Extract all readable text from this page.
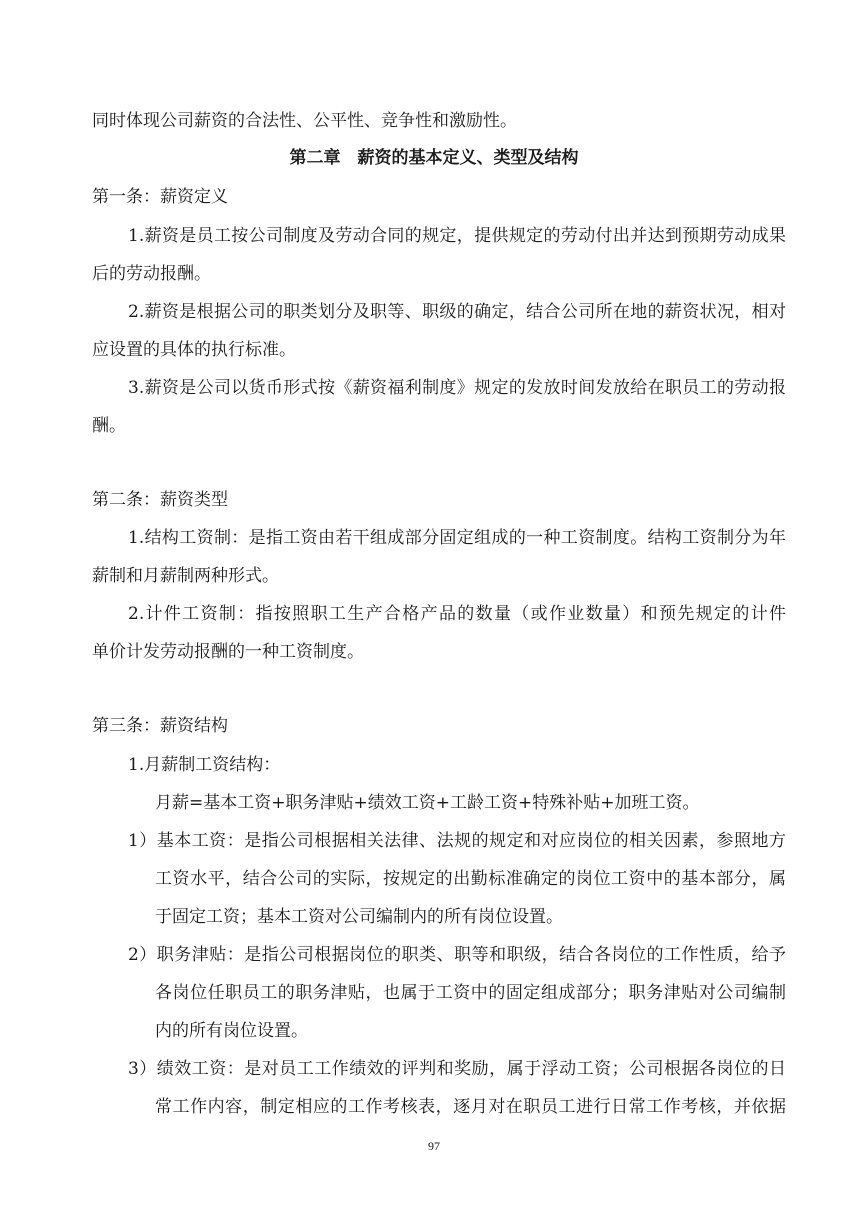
同时体现公司薪资的合法性、公平性、竞争性和激励性。

第二章　薪资的基本定义、类型及结构

第一条：薪资定义

1.薪资是员工按公司制度及劳动合同的规定，提供规定的劳动付出并达到预期劳动成果

后的劳动报酬。

2.薪资是根据公司的职类划分及职等、职级的确定，结合公司所在地的薪资状况，相对

应设置的具体的执行标准。

3.薪资是公司以货币形式按《薪资福利制度》规定的发放时间发放给在职员工的劳动报

酬。

第二条：薪资类型

1.结构工资制：是指工资由若干组成部分固定组成的一种工资制度。结构工资制分为年

薪制和月薪制两种形式。

2.计件工资制：指按照职工生产合格产品的数量（或作业数量）和预先规定的计件

单价计发劳动报酬的一种工资制度。

第三条：薪资结构

1.月薪制工资结构：

月薪=基本工资+职务津贴+绩效工资+工龄工资+特殊补贴+加班工资。

1）基本工资：是指公司根据相关法律、法规的规定和对应岗位的相关因素，参照地方

工资水平，结合公司的实际，按规定的出勤标准确定的岗位工资中的基本部分，属

于固定工资；基本工资对公司编制内的所有岗位设置。

2）职务津贴：是指公司根据岗位的职类、职等和职级，结合各岗位的工作性质，给予

各岗位任职员工的职务津贴，也属于工资中的固定组成部分；职务津贴对公司编制

内的所有岗位设置。

3）绩效工资：是对员工工作绩效的评判和奖励，属于浮动工资；公司根据各岗位的日

常工作内容，制定相应的工作考核表，逐月对在职员工进行日常工作考核，并依据

97
